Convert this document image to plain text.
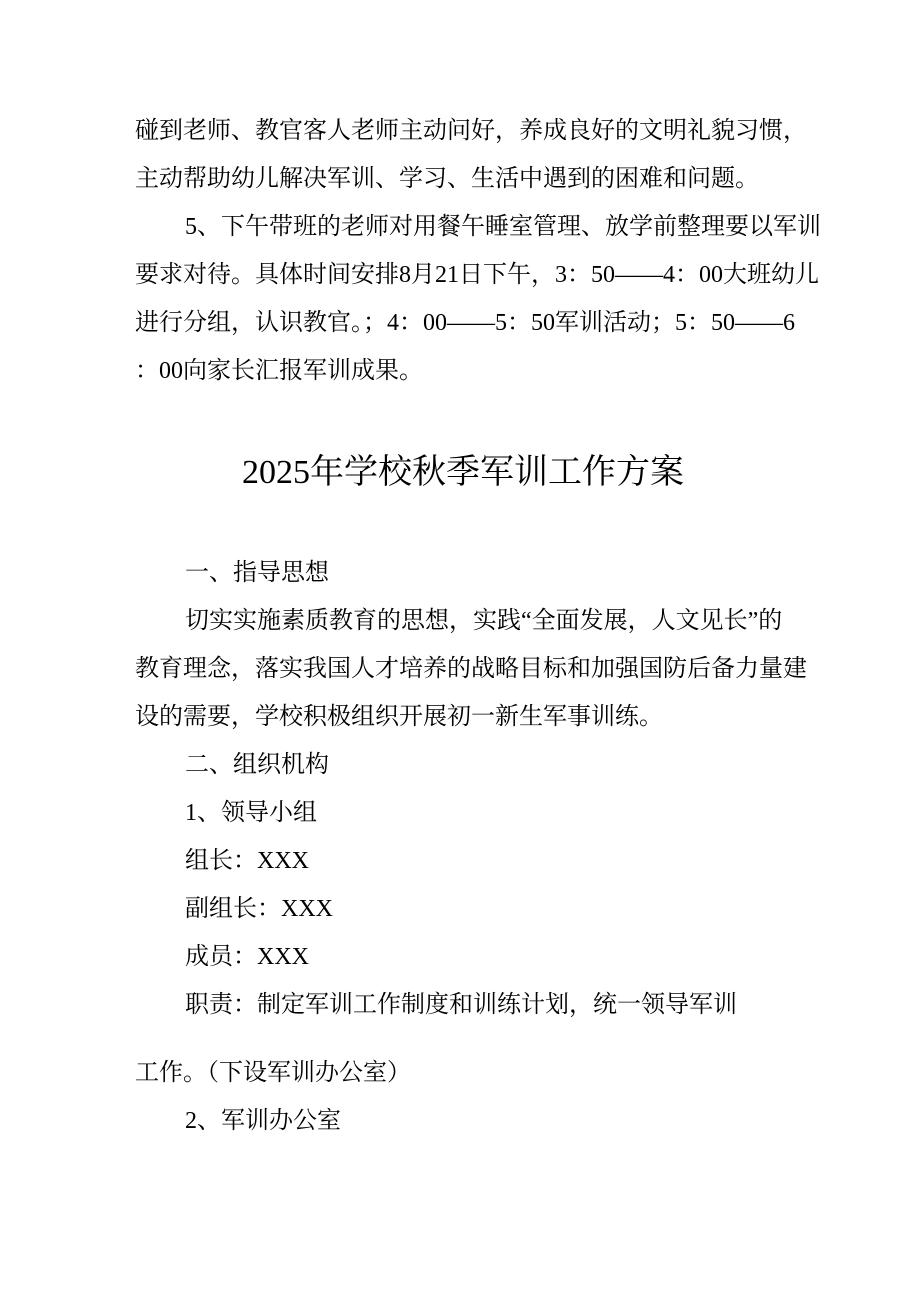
碰到老师、教官客人老师主动问好，养成良好的文明礼貌习惯，

主动帮助幼儿解决军训、学习、生活中遇到的困难和问题。

5、下午带班的老师对用餐午睡室管理、放学前整理要以军训

要求对待。具体时间安排8月21日下午，3：50——4：00大班幼儿

进行分组，认识教官。；4：00——5：50军训活动；5：50——6

：00向家长汇报军训成果。

2025年学校秋季军训工作方案

一、指导思想

切实实施素质教育的思想，实践“全面发展，人文见长”的

教育理念，落实我国人才培养的战略目标和加强国防后备力量建

设的需要，学校积极组织开展初一新生军事训练。

二、组织机构

1、领导小组

组长：XXX

副组长：XXX

成员：XXX

职责：制定军训工作制度和训练计划，统一领导军训

工作。（下设军训办公室）

2、军训办公室
